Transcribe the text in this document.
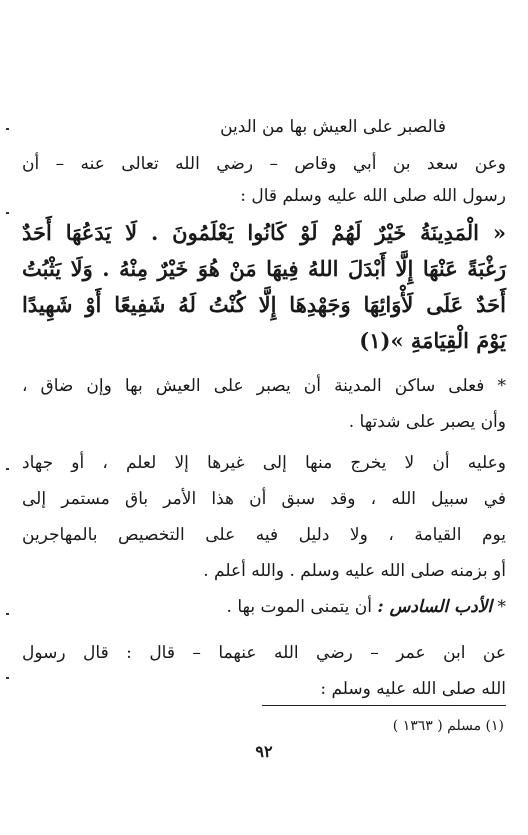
فالصبر على العيش بها من الدين
وعن سعد بن أبي وقاص – رضي الله تعالى عنه – أن
رسول الله صلى الله عليه وسلم قال :
« الْمَدِينَةُ خَيْرٌ لَهُمْ لَوْ كَانُوا يَعْلَمُونَ . لَا يَدَعُهَا أَحَدٌ
رَغْبَةً عَنْهَا إِلَّا أَبْدَلَ اللهُ فِيهَا مَنْ هُوَ خَيْرٌ مِنْهُ . وَلَا يَثْبُتُ
أَحَدٌ عَلَى لَأْوَائِهَا وَجَهْدِهَا إِلَّا كُنْتُ لَهُ شَفِيعًا أَوْ شَهِيدًا
يَوْمَ الْقِيَامَةِ »(١)
* فعلى ساكن المدينة أن يصبر على العيش بها وإن ضاق ،
وأن يصبر على شدتها .
وعليه أن لا يخرج منها إلى غيرها إلا لعلم ، أو جهاد
في سبيل الله ، وقد سبق أن هذا الأمر باق مستمر إلى
يوم القيامة ، ولا دليل فيه على التخصيص بالمهاجرين
أو بزمنه صلى الله عليه وسلم . والله أعلم .
* الأدب السادس : أن يتمنى الموت بها .
عن ابن عمر – رضي الله عنهما – قال : قال رسول
الله صلى الله عليه وسلم :
(١) مسلم ( ١٣٦٣ )
٩٢
